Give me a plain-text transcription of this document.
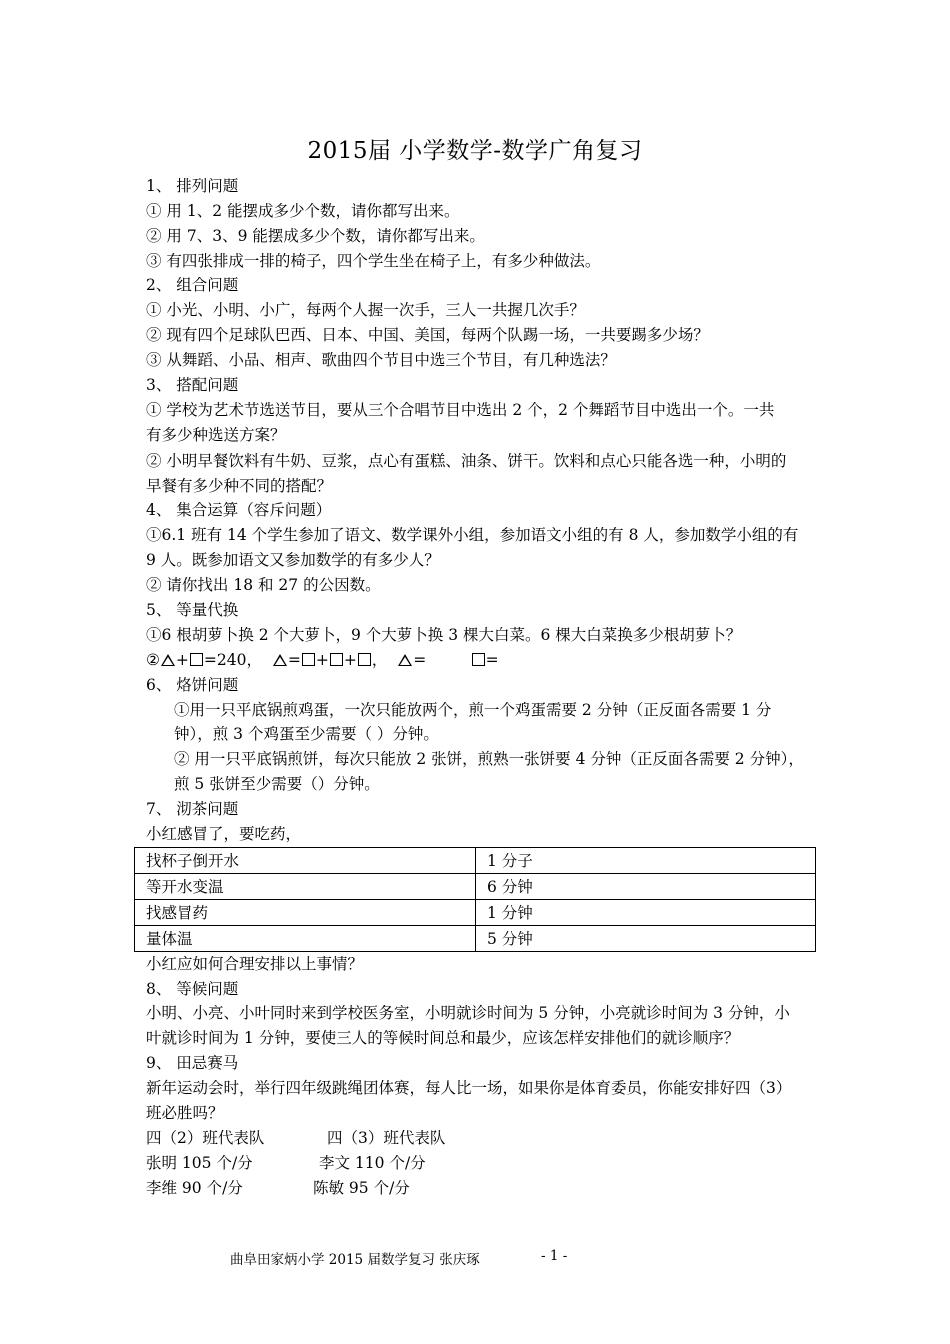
2015届 小学数学-数学广角复习
1、 排列问题
① 用 1、2 能摆成多少个数，请你都写出来。
② 用 7、3、9 能摆成多少个数，请你都写出来。
③ 有四张排成一排的椅子，四个学生坐在椅子上，有多少种做法。
2、 组合问题
① 小光、小明、小广，每两个人握一次手，三人一共握几次手？
② 现有四个足球队巴西、日本、中国、美国，每两个队踢一场，一共要踢多少场？
③ 从舞蹈、小品、相声、歌曲四个节目中选三个节目，有几种选法？
3、 搭配问题
① 学校为艺术节选送节目，要从三个合唱节目中选出 2 个，2 个舞蹈节目中选出一个。一共
有多少种选送方案？
② 小明早餐饮料有牛奶、豆浆，点心有蛋糕、油条、饼干。饮料和点心只能各选一种，小明的
早餐有多少种不同的搭配？
4、 集合运算（容斥问题）
①6.1 班有 14 个学生参加了语文、数学课外小组，参加语文小组的有 8 人，参加数学小组的有
9 人。既参加语文又参加数学的有多少人？
② 请你找出 18 和 27 的公因数。
5、 等量代换
①6 根胡萝卜换 2 个大萝卜，9 个大萝卜换 3 棵大白菜。6 棵大白菜换多少根胡萝卜？
② + =240， = + + ， =	=
6、 烙饼问题
①用一只平底锅煎鸡蛋，一次只能放两个，煎一个鸡蛋需要 2 分钟（正反面各需要 1 分
钟），煎 3 个鸡蛋至少需要（ ）分钟。
② 用一只平底锅煎饼，每次只能放 2 张饼，煎熟一张饼要 4 分钟（正反面各需要 2 分钟），
煎 5 张饼至少需要（）分钟。
7、 沏茶问题
小红感冒了，要吃药，
找杯子倒开水	1 分子
等开水变温	6 分钟
找感冒药	1 分钟
量体温	5 分钟
小红应如何合理安排以上事情？
8、 等候问题
小明、小亮、小叶同时来到学校医务室，小明就诊时间为 5 分钟，小亮就诊时间为 3 分钟，小
叶就诊时间为 1 分钟，要使三人的等候时间总和最少，应该怎样安排他们的就诊顺序？
9、 田忌赛马
新年运动会时，举行四年级跳绳团体赛，每人比一场，如果你是体育委员，你能安排好四（3）
班必胜吗？
四（2）班代表队	四（3）班代表队
张明 105 个/分	李文 110 个/分
李维 90 个/分	陈敏 95 个/分
曲阜田家炳小学 2015 届数学复习 张庆琢	- 1 -
